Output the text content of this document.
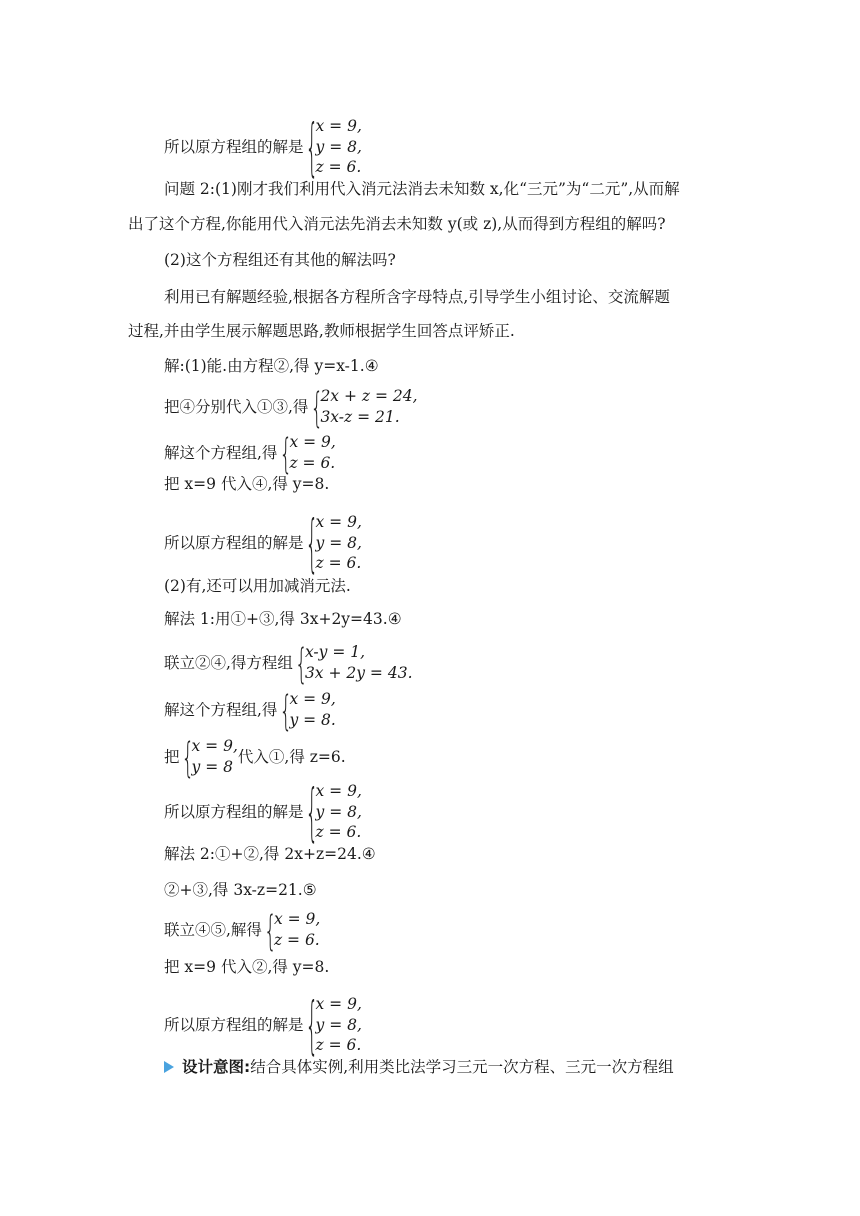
所以原方程组的解是 {
x = 9,
y = 8,
z = 6.
问题 2:(1)刚才我们利用代入消元法消去未知数 x,化“三元”为“二元”,从而解
出了这个方程,你能用代入消元法先消去未知数 y(或 z),从而得到方程组的解吗?
(2)这个方程组还有其他的解法吗?
利用已有解题经验,根据各方程所含字母特点,引导学生小组讨论、交流解题
过程,并由学生展示解题思路,教师根据学生回答点评矫正.
解:(1)能.由方程②,得 y=x-1.④
把④分别代入①③,得 {
2x + z = 24,
3x-z = 21.
解这个方程组,得 {
x = 9,
z = 6.
把 x=9 代入④,得 y=8.
所以原方程组的解是 {
x = 9,
y = 8,
z = 6.
(2)有,还可以用加减消元法.
解法 1:用①+③,得 3x+2y=43.④
联立②④,得方程组 {
x-y = 1,
3x + 2y = 43.
解这个方程组,得 {
x = 9,
y = 8.
把 {
x = 9,
y = 8
代入①,得 z=6.
所以原方程组的解是 {
x = 9,
y = 8,
z = 6.
解法 2:①+②,得 2x+z=24.④
②+③,得 3x-z=21.⑤
联立④⑤,解得 {
x = 9,
z = 6.
把 x=9 代入②,得 y=8.
所以原方程组的解是 {
x = 9,
y = 8,
z = 6.
设计意图: 结合具体实例,利用类比法学习三元一次方程、三元一次方程组
